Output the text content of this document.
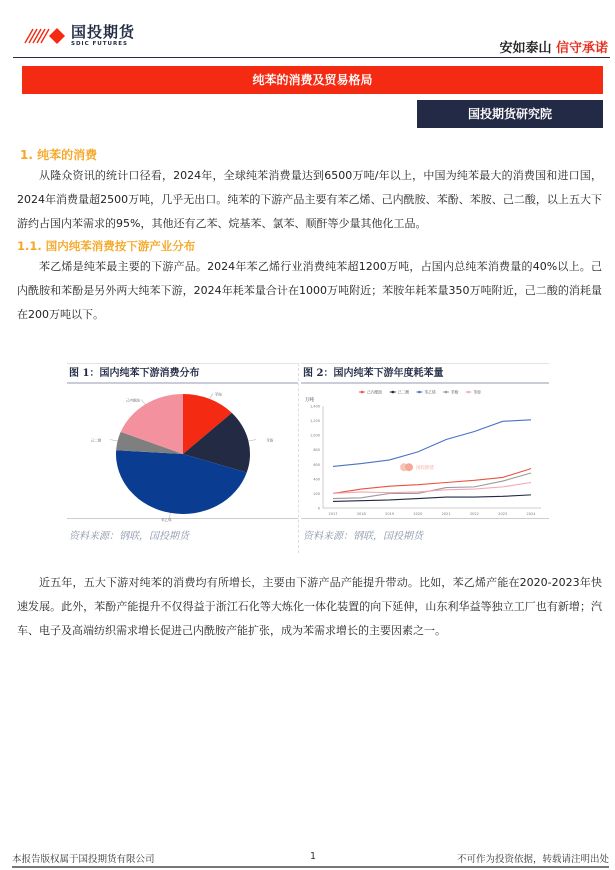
国投期货
SDIC FUTURES	安如泰山 信守承诺
纯苯的消费及贸易格局
国投期货研究院
1. 纯苯的消费

从隆众资讯的统计口径看，2024年，全球纯苯消费量达到6500万吨/年以上，中国为纯苯最大的消费国和进口国，2024年消费量超2500万吨，几乎无出口。纯苯的下游产品主要有苯乙烯、己内酰胺、苯酚、苯胺、己二酸，以上五大下游约占国内苯需求的95%，其他还有乙苯、烷基苯、氯苯、顺酐等少量其他化工品。

1.1. 国内纯苯消费按下游产业分布

苯乙烯是纯苯最主要的下游产品。2024年苯乙烯行业消费纯苯超1200万吨，占国内总纯苯消费量的40%以上。己内酰胺和苯酚是另外两大纯苯下游，2024年耗苯量合计在1000万吨附近；苯胺年耗苯量350万吨附近，己二酸的消耗量在200万吨以下。

图 1：国内纯苯下游消费分布
苯胺
苯酚
苯乙烯
己二酸
己内酰胺
资料来源：钢联，国投期货
图 2：国内纯苯下游年度耗苯量
万吨
0
200
400
600
800
1,000
1,200
1,400
2017	2018	2019	2020	2021	2022	2023	2024
国投期货
己内酰胺	己二酸	苯乙烯	苯酚	苯胺
资料来源：钢联，国投期货

近五年，五大下游对纯苯的消费均有所增长，主要由下游产品产能提升带动。比如，苯乙烯产能在2020-2023年快速发展。此外，苯酚产能提升不仅得益于浙江石化等大炼化一体化装置的向下延伸，山东利华益等独立工厂也有新增；汽车、电子及高端纺织需求增长促进己内酰胺产能扩张，成为苯需求增长的主要因素之一。

本报告版权属于国投期货有限公司	1	不可作为投资依据，转载请注明出处
